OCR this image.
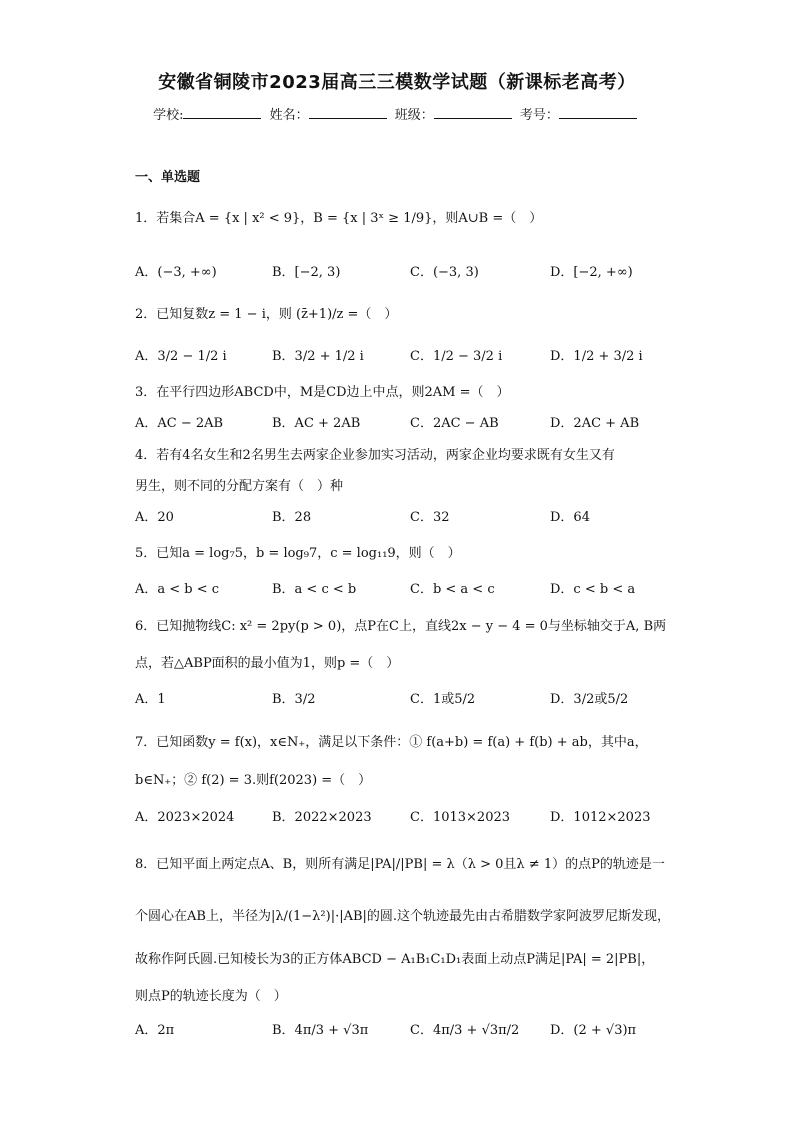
安徽省铜陵市2023届高三三模数学试题（新课标老高考）
学校:	姓名：	班级：	考号：
一、单选题
1．若集合A = {x | x² < 9}，B = {x | 3ˣ ≥ 1/9}，则A∪B =（　）
A．(−3, +∞)	B．[−2, 3)	C．(−3, 3)	D．[−2, +∞)
2．已知复数z = 1 − i，则 (z̄+1)/z =（　）
A．3/2 − 1/2 i	B．3/2 + 1/2 i	C．1/2 − 3/2 i	D．1/2 + 3/2 i
3．在平行四边形ABCD中，M是CD边上中点，则2AM =（　）
A．AC − 2AB	B．AC + 2AB	C．2AC − AB	D．2AC + AB
4．若有4名女生和2名男生去两家企业参加实习活动，两家企业均要求既有女生又有
男生，则不同的分配方案有（　）种
A．20	B．28	C．32	D．64
5．已知a = log₇5，b = log₉7，c = log₁₁9，则（　）
A．a < b < c	B．a < c < b	C．b < a < c	D．c < b < a
6．已知抛物线C: x² = 2py(p > 0)，点P在C上，直线2x − y − 4 = 0与坐标轴交于A, B两
点，若△ABP面积的最小值为1，则p =（　）
A．1	B．3/2	C．1或5/2	D．3/2或5/2
7．已知函数y = f(x)，x∈N₊，满足以下条件：① f(a+b) = f(a) + f(b) + ab，其中a，
b∈N₊；② f(2) = 3.则f(2023) =（　）
A．2023×2024	B．2022×2023	C．1013×2023	D．1012×2023
8．已知平面上两定点A、B，则所有满足|PA|/|PB| = λ（λ > 0且λ ≠ 1）的点P的轨迹是一
个圆心在AB上，半径为|λ/(1−λ²)|·|AB|的圆.这个轨迹最先由古希腊数学家阿波罗尼斯发现，
故称作阿氏圆.已知棱长为3的正方体ABCD − A₁B₁C₁D₁表面上动点P满足|PA| = 2|PB|，
则点P的轨迹长度为（　）
A．2π	B．4π/3 + √3π	C．4π/3 + √3π/2 D．(2 + √3)π
